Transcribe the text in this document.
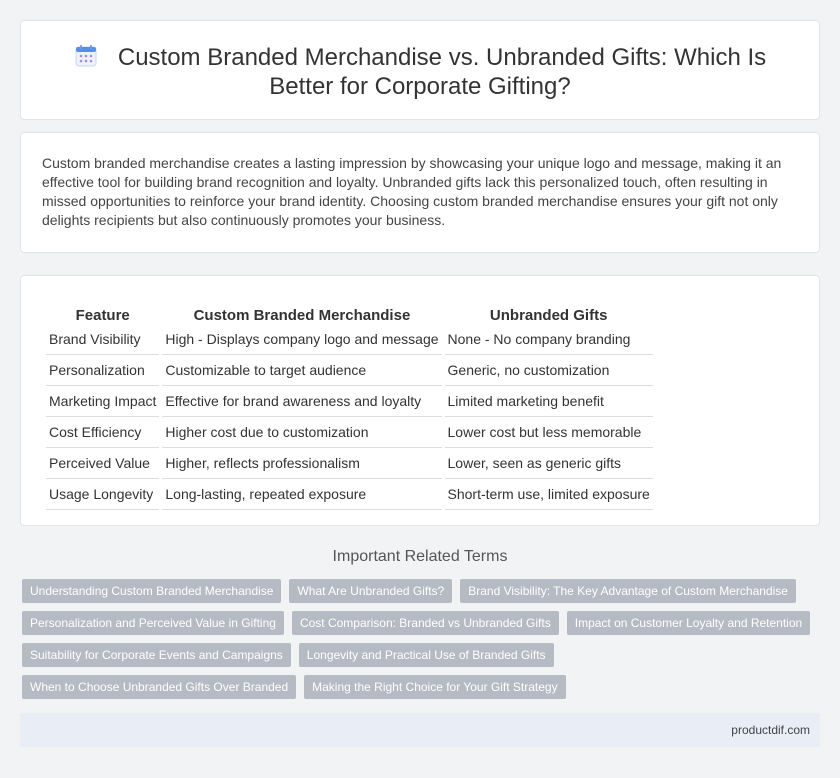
Custom Branded Merchandise vs. Unbranded Gifts: Which Is
Better for Corporate Gifting?

Custom branded merchandise creates a lasting impression by showcasing your unique logo and message, making it an effective tool for building brand recognition and loyalty. Unbranded gifts lack this personalized touch, often resulting in missed opportunities to reinforce your brand identity. Choosing custom branded merchandise ensures your gift not only delights recipients but also continuously promotes your business.

Feature	Custom Branded Merchandise	Unbranded Gifts
Brand Visibility	High - Displays company logo and message	None - No company branding
Personalization	Customizable to target audience	Generic, no customization
Marketing Impact	Effective for brand awareness and loyalty	Limited marketing benefit
Cost Efficiency	Higher cost due to customization	Lower cost but less memorable
Perceived Value	Higher, reflects professionalism	Lower, seen as generic gifts
Usage Longevity	Long-lasting, repeated exposure	Short-term use, limited exposure
Important Related Terms
Understanding Custom Branded Merchandise	What Are Unbranded Gifts?	Brand Visibility: The Key Advantage of Custom Merchandise
Personalization and Perceived Value in Gifting	Cost Comparison: Branded vs Unbranded Gifts	Impact on Customer Loyalty and Retention
Suitability for Corporate Events and Campaigns	Longevity and Practical Use of Branded Gifts
When to Choose Unbranded Gifts Over Branded	Making the Right Choice for Your Gift Strategy
productdif.com
